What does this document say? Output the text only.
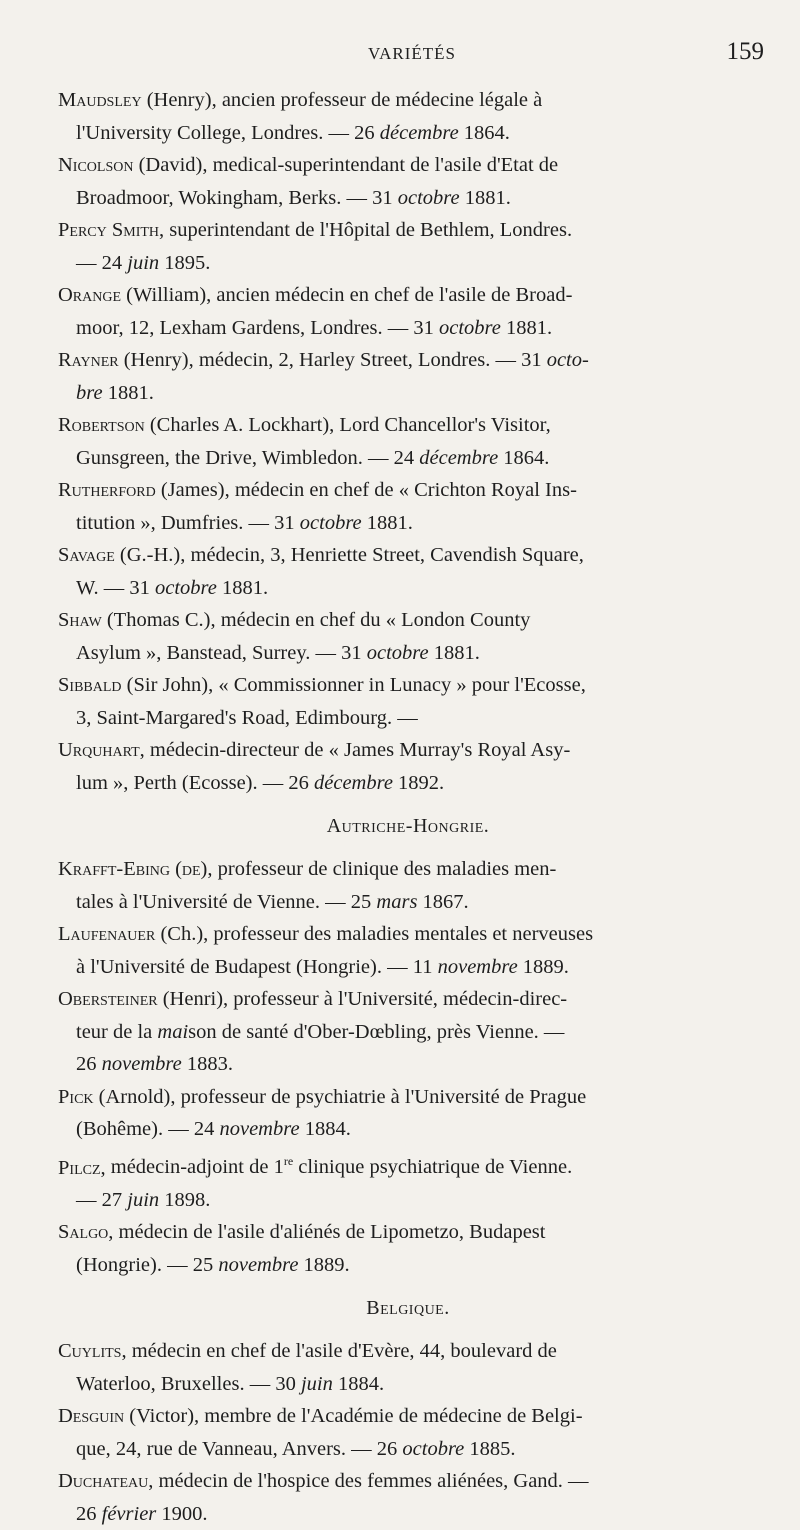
VARIÉTÉS	159
Maudsley (Henry), ancien professeur de médecine légale à
l'University College, Londres. — 26 décembre 1864.
Nicolson (David), medical-superintendant de l'asile d'Etat de
Broadmoor, Wokingham, Berks. — 31 octobre 1881.
Percy Smith, superintendant de l'Hôpital de Bethlem, Londres.
— 24 juin 1895.
Orange (William), ancien médecin en chef de l'asile de Broad-
moor, 12, Lexham Gardens, Londres. — 31 octobre 1881.
Rayner (Henry), médecin, 2, Harley Street, Londres. — 31 octo-
bre 1881.
Robertson (Charles A. Lockhart), Lord Chancellor's Visitor,
Gunsgreen, the Drive, Wimbledon. — 24 décembre 1864.
Rutherford (James), médecin en chef de « Crichton Royal Ins-
titution », Dumfries. — 31 octobre 1881.
Savage (G.-H.), médecin, 3, Henriette Street, Cavendish Square,
W. — 31 octobre 1881.
Shaw (Thomas C.), médecin en chef du « London County
Asylum », Banstead, Surrey. — 31 octobre 1881.
Sibbald (Sir John), « Commissionner in Lunacy » pour l'Ecosse,
3, Saint-Margared's Road, Edimbourg. —
Urquhart, médecin-directeur de « James Murray's Royal Asy-
lum », Perth (Ecosse). — 26 décembre 1892.
Autriche-Hongrie.
Krafft-Ebing (de), professeur de clinique des maladies men-
tales à l'Université de Vienne. — 25 mars 1867.
Laufenauer (Ch.), professeur des maladies mentales et nerveuses
à l'Université de Budapest (Hongrie). — 11 novembre 1889.
Obersteiner (Henri), professeur à l'Université, médecin-direc-
teur de la maison de santé d'Ober-Dœbling, près Vienne. —
26 novembre 1883.
Pick (Arnold), professeur de psychiatrie à l'Université de Prague
(Bohême). — 24 novembre 1884.
Pilcz, médecin-adjoint de 1re clinique psychiatrique de Vienne.
— 27 juin 1898.
Salgo, médecin de l'asile d'aliénés de Lipometzo, Budapest
(Hongrie). — 25 novembre 1889.
Belgique.
Cuylits, médecin en chef de l'asile d'Evère, 44, boulevard de
Waterloo, Bruxelles. — 30 juin 1884.
Desguin (Victor), membre de l'Académie de médecine de Belgi-
que, 24, rue de Vanneau, Anvers. — 26 octobre 1885.
Duchateau, médecin de l'hospice des femmes aliénées, Gand. —
26 février 1900.
